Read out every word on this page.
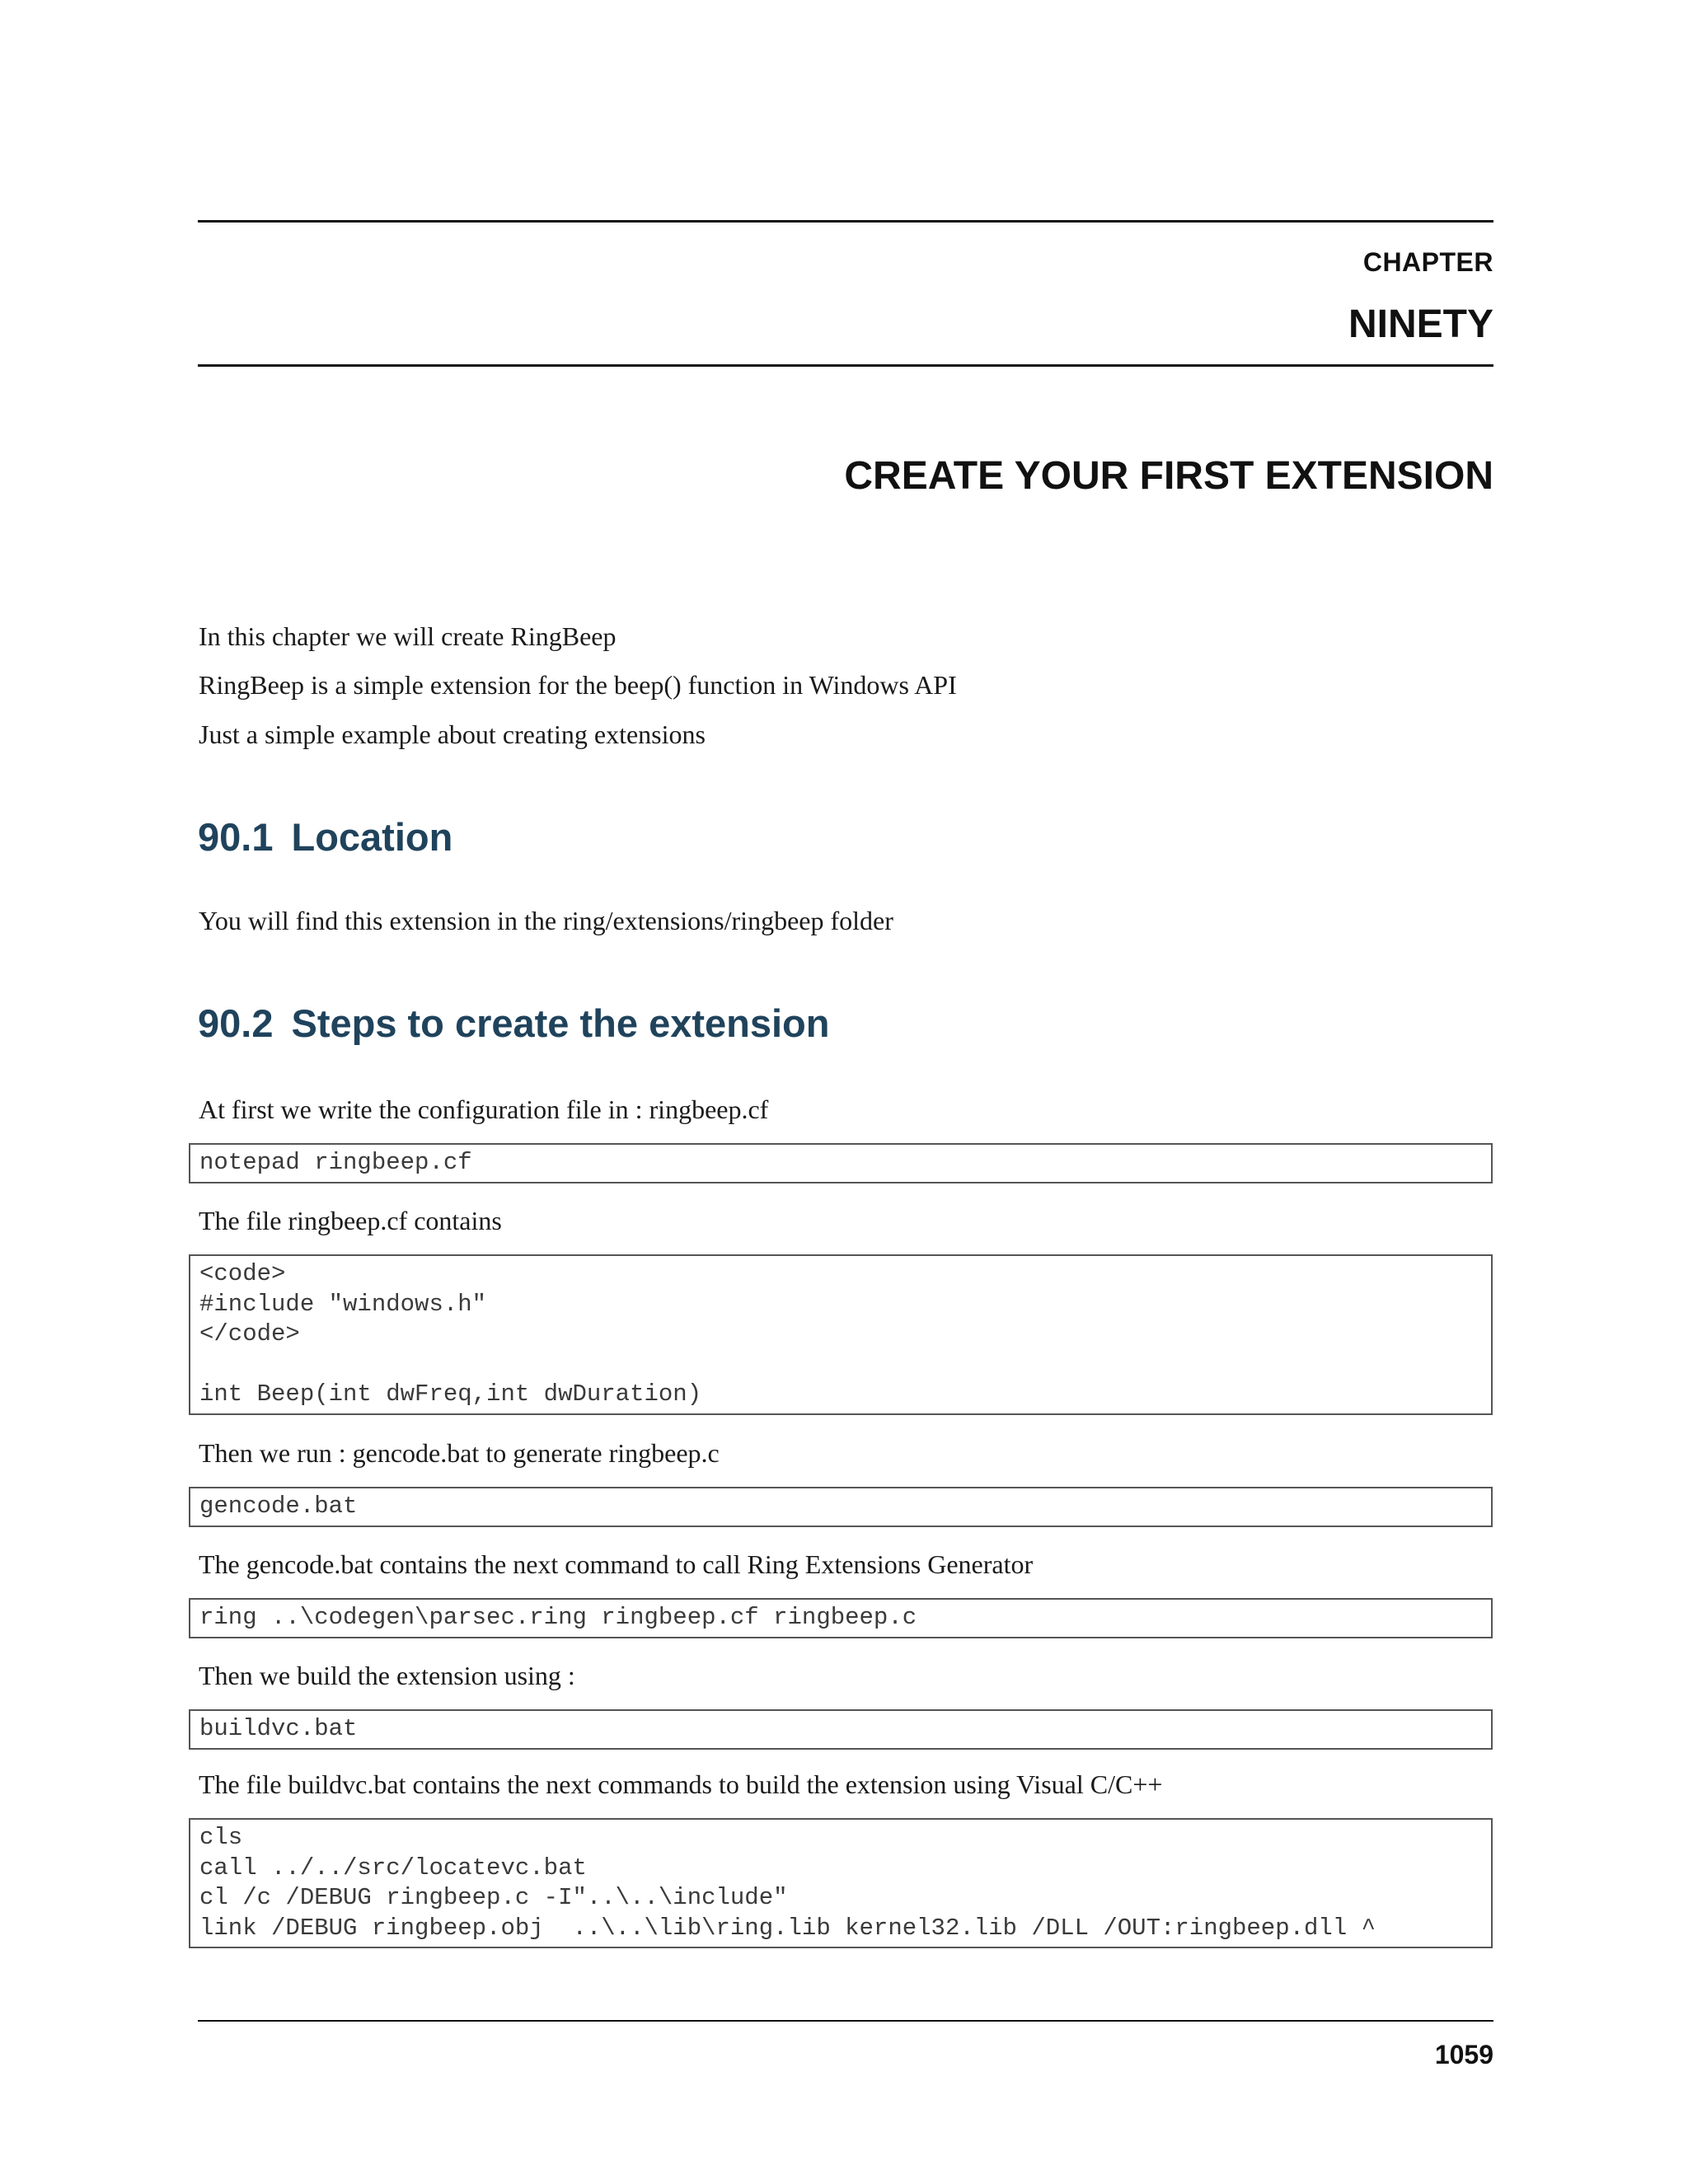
CHAPTER
NINETY
CREATE YOUR FIRST EXTENSION
In this chapter we will create RingBeep
RingBeep is a simple extension for the beep() function in Windows API
Just a simple example about creating extensions
90.1 Location
You will find this extension in the ring/extensions/ringbeep folder
90.2 Steps to create the extension
At first we write the configuration file in : ringbeep.cf
notepad ringbeep.cf
The file ringbeep.cf contains
<code>
#include "windows.h"
</code>
int Beep(int dwFreq,int dwDuration)
Then we run : gencode.bat to generate ringbeep.c
gencode.bat
The gencode.bat contains the next command to call Ring Extensions Generator
ring ..\codegen\parsec.ring ringbeep.cf ringbeep.c
Then we build the extension using :
buildvc.bat
The file buildvc.bat contains the next commands to build the extension using Visual C/C++
cls
call ../../src/locatevc.bat
cl /c /DEBUG ringbeep.c -I"..\..\include"
link /DEBUG ringbeep.obj  ..\..\lib\ring.lib kernel32.lib /DLL /OUT:ringbeep.dll ^
1059
